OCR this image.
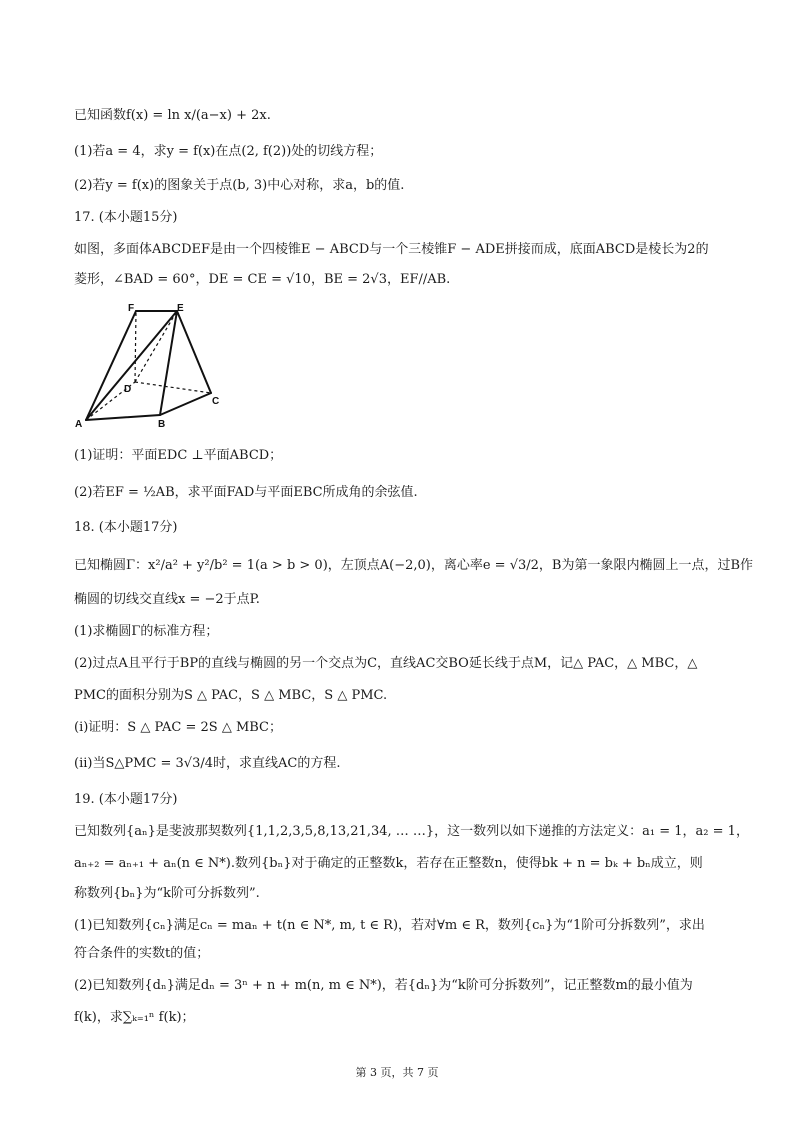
已知函数f(x) = ln x/(a−x) + 2x.
(1)若a = 4，求y = f(x)在点(2, f(2))处的切线方程；
(2)若y = f(x)的图象关于点(b, 3)中心对称，求a，b的值.
17. (本小题15分)
如图，多面体ABCDEF是由一个四棱锥E − ABCD与一个三棱锥F − ADE拼接而成，底面ABCD是棱长为2的
菱形，∠BAD = 60°，DE = CE = √10，BE = 2√3，EF//AB.
F	E
D
C
A	B
(1)证明：平面EDC ⊥平面ABCD；
(2)若EF = ½AB，求平面FAD与平面EBC所成角的余弦值.
18. (本小题17分)
已知椭圆Γ：x²/a² + y²/b² = 1(a > b > 0)，左顶点A(−2,0)，离心率e = √3/2，B为第一象限内椭圆上一点，过B作
椭圆的切线交直线x = −2于点P.
(1)求椭圆Γ的标准方程；
(2)过点A且平行于BP的直线与椭圆的另一个交点为C，直线AC交BO延长线于点M，记△ PAC，△ MBC，△
PMC的面积分别为S △ PAC，S △ MBC，S △ PMC.
(i)证明：S △ PAC = 2S △ MBC；
(ii)当S△PMC = 3√3/4时，求直线AC的方程.
19. (本小题17分)
已知数列{aₙ}是斐波那契数列{1,1,2,3,5,8,13,21,34, … …}，这一数列以如下递推的方法定义：a₁ = 1，a₂ = 1，
aₙ₊₂ = aₙ₊₁ + aₙ(n ∈ N*).数列{bₙ}对于确定的正整数k，若存在正整数n，使得bk + n = bₖ + bₙ成立，则
称数列{bₙ}为“k阶可分拆数列”.
(1)已知数列{cₙ}满足cₙ = maₙ + t(n ∈ N*, m, t ∈ R)，若对∀m ∈ R，数列{cₙ}为“1阶可分拆数列”，求出
符合条件的实数t的值；
(2)已知数列{dₙ}满足dₙ = 3ⁿ + n + m(n, m ∈ N*)，若{dₙ}为“k阶可分拆数列”，记正整数m的最小值为
f(k)，求∑ₖ₌₁ⁿ f(k)；
第 3 页，共 7 页
